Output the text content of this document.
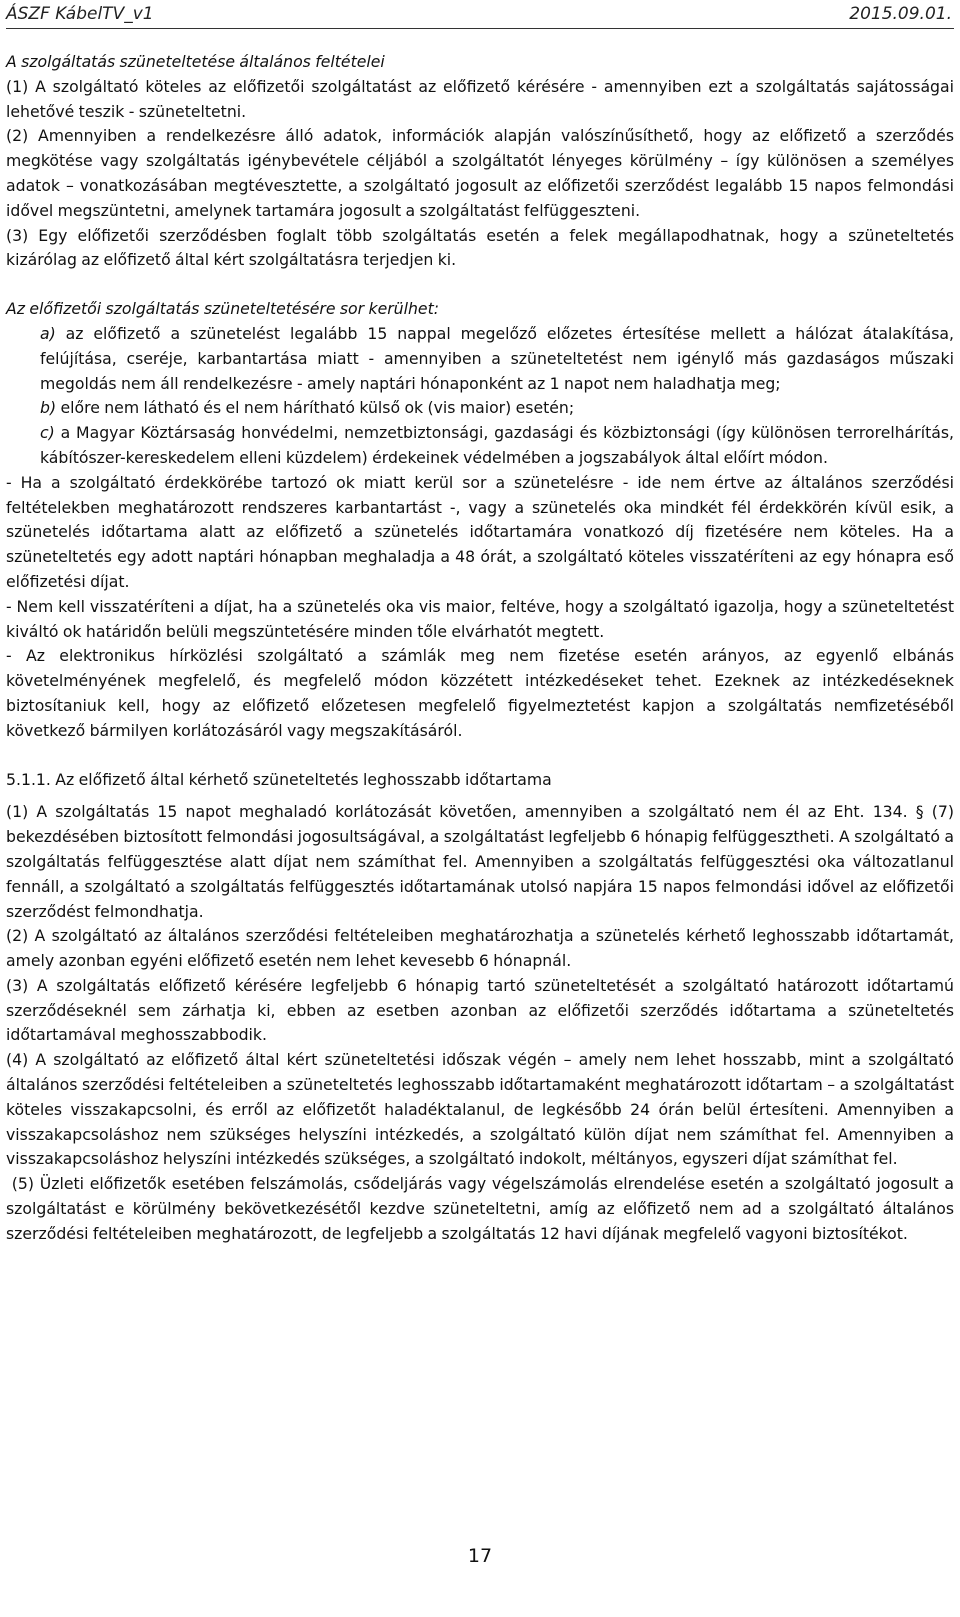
ÁSZF KábelTV_v1	2015.09.01.

A szolgáltatás szüneteltetése általános feltételei

(1) A szolgáltató köteles az előfizetői szolgáltatást az előfizető kérésére - amennyiben ezt a szolgáltatás sajátosságai lehetővé teszik - szüneteltetni.

(2) Amennyiben a rendelkezésre álló adatok, információk alapján valószínűsíthető, hogy az előfizető a szerződés megkötése vagy szolgáltatás igénybevétele céljából a szolgáltatót lényeges körülmény – így különösen a személyes adatok – vonatkozásában megtévesztette, a szolgáltató jogosult az előfizetői szerződést legalább 15 napos felmondási idővel megszüntetni, amelynek tartamára jogosult a szolgáltatást felfüggeszteni.

(3) Egy előfizetői szerződésben foglalt több szolgáltatás esetén a felek megállapodhatnak, hogy a szüneteltetés kizárólag az előfizető által kért szolgáltatásra terjedjen ki.

Az előfizetői szolgáltatás szüneteltetésére sor kerülhet:

a) az előfizető a szünetelést legalább 15 nappal megelőző előzetes értesítése mellett a hálózat átalakítása, felújítása, cseréje, karbantartása miatt - amennyiben a szüneteltetést nem igénylő más gazdaságos műszaki megoldás nem áll rendelkezésre - amely naptári hónaponként az 1 napot nem haladhatja meg;

b) előre nem látható és el nem hárítható külső ok (vis maior) esetén;

c) a Magyar Köztársaság honvédelmi, nemzetbiztonsági, gazdasági és közbiztonsági (így különösen terrorelhárítás, kábítószer-kereskedelem elleni küzdelem) érdekeinek védelmében a jogszabályok által előírt módon.

- Ha a szolgáltató érdekkörébe tartozó ok miatt kerül sor a szünetelésre - ide nem értve az általános szerződési feltételekben meghatározott rendszeres karbantartást -, vagy a szünetelés oka mindkét fél érdekkörén kívül esik, a szünetelés időtartama alatt az előfizető a szünetelés időtartamára vonatkozó díj fizetésére nem köteles. Ha a szüneteltetés egy adott naptári hónapban meghaladja a 48 órát, a szolgáltató köteles visszatéríteni az egy hónapra eső előfizetési díjat.

- Nem kell visszatéríteni a díjat, ha a szünetelés oka vis maior, feltéve, hogy a szolgáltató igazolja, hogy a szüneteltetést kiváltó ok határidőn belüli megszüntetésére minden tőle elvárhatót megtett.

- Az elektronikus hírközlési szolgáltató a számlák meg nem fizetése esetén arányos, az egyenlő elbánás követelményének megfelelő, és megfelelő módon közzétett intézkedéseket tehet. Ezeknek az intézkedéseknek biztosítaniuk kell, hogy az előfizető előzetesen megfelelő figyelmeztetést kapjon a szolgáltatás nemfizetéséből következő bármilyen korlátozásáról vagy megszakításáról.

5.1.1. Az előfizető által kérhető szüneteltetés leghosszabb időtartama

(1) A szolgáltatás 15 napot meghaladó korlátozását követően, amennyiben a szolgáltató nem él az Eht. 134. § (7) bekezdésében biztosított felmondási jogosultságával, a szolgáltatást legfeljebb 6 hónapig felfüggesztheti. A szolgáltató a szolgáltatás felfüggesztése alatt díjat nem számíthat fel. Amennyiben a szolgáltatás felfüggesztési oka változatlanul fennáll, a szolgáltató a szolgáltatás felfüggesztés időtartamának utolsó napjára 15 napos felmondási idővel az előfizetői szerződést felmondhatja.

(2) A szolgáltató az általános szerződési feltételeiben meghatározhatja a szünetelés kérhető leghosszabb időtartamát, amely azonban egyéni előfizető esetén nem lehet kevesebb 6 hónapnál.

(3) A szolgáltatás előfizető kérésére legfeljebb 6 hónapig tartó szüneteltetését a szolgáltató határozott időtartamú szerződéseknél sem zárhatja ki, ebben az esetben azonban az előfizetői szerződés időtartama a szüneteltetés időtartamával meghosszabbodik.

(4) A szolgáltató az előfizető által kért szüneteltetési időszak végén – amely nem lehet hosszabb, mint a szolgáltató általános szerződési feltételeiben a szüneteltetés leghosszabb időtartamaként meghatározott időtartam – a szolgáltatást köteles visszakapcsolni, és erről az előfizetőt haladéktalanul, de legkésőbb 24 órán belül értesíteni. Amennyiben a visszakapcsoláshoz nem szükséges helyszíni intézkedés, a szolgáltató külön díjat nem számíthat fel. Amennyiben a visszakapcsoláshoz helyszíni intézkedés szükséges, a szolgáltató indokolt, méltányos, egyszeri díjat számíthat fel.

(5) Üzleti előfizetők esetében felszámolás, csődeljárás vagy végelszámolás elrendelése esetén a szolgáltató jogosult a szolgáltatást e körülmény bekövetkezésétől kezdve szüneteltetni, amíg az előfizető nem ad a szolgáltató általános szerződési feltételeiben meghatározott, de legfeljebb a szolgáltatás 12 havi díjának megfelelő vagyoni biztosítékot.

17
